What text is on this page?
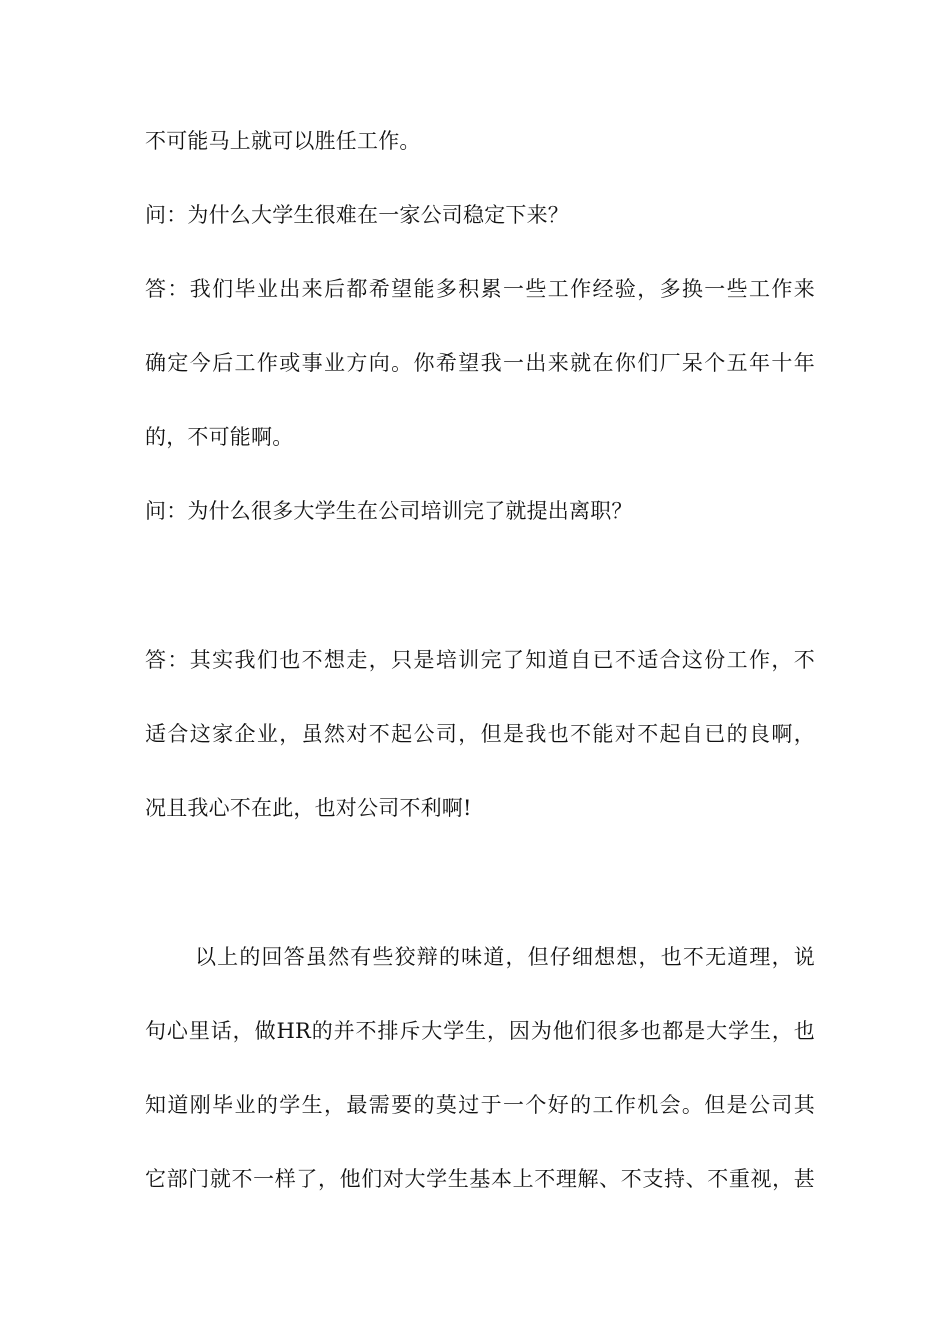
不可能马上就可以胜任工作。
问：为什么大学生很难在一家公司稳定下来？
答：我们毕业出来后都希望能多积累一些工作经验，多换一些工作来
确定今后工作或事业方向。你希望我一出来就在你们厂呆个五年十年
的，不可能啊。
问：为什么很多大学生在公司培训完了就提出离职？
答：其实我们也不想走，只是培训完了知道自已不适合这份工作，不
适合这家企业，虽然对不起公司，但是我也不能对不起自已的良啊，
况且我心不在此，也对公司不利啊!
以上的回答虽然有些狡辩的味道，但仔细想想，也不无道理，说
句心里话，做HR的并不排斥大学生，因为他们很多也都是大学生，也
知道刚毕业的学生，最需要的莫过于一个好的工作机会。但是公司其
它部门就不一样了，他们对大学生基本上不理解、不支持、不重视，甚
